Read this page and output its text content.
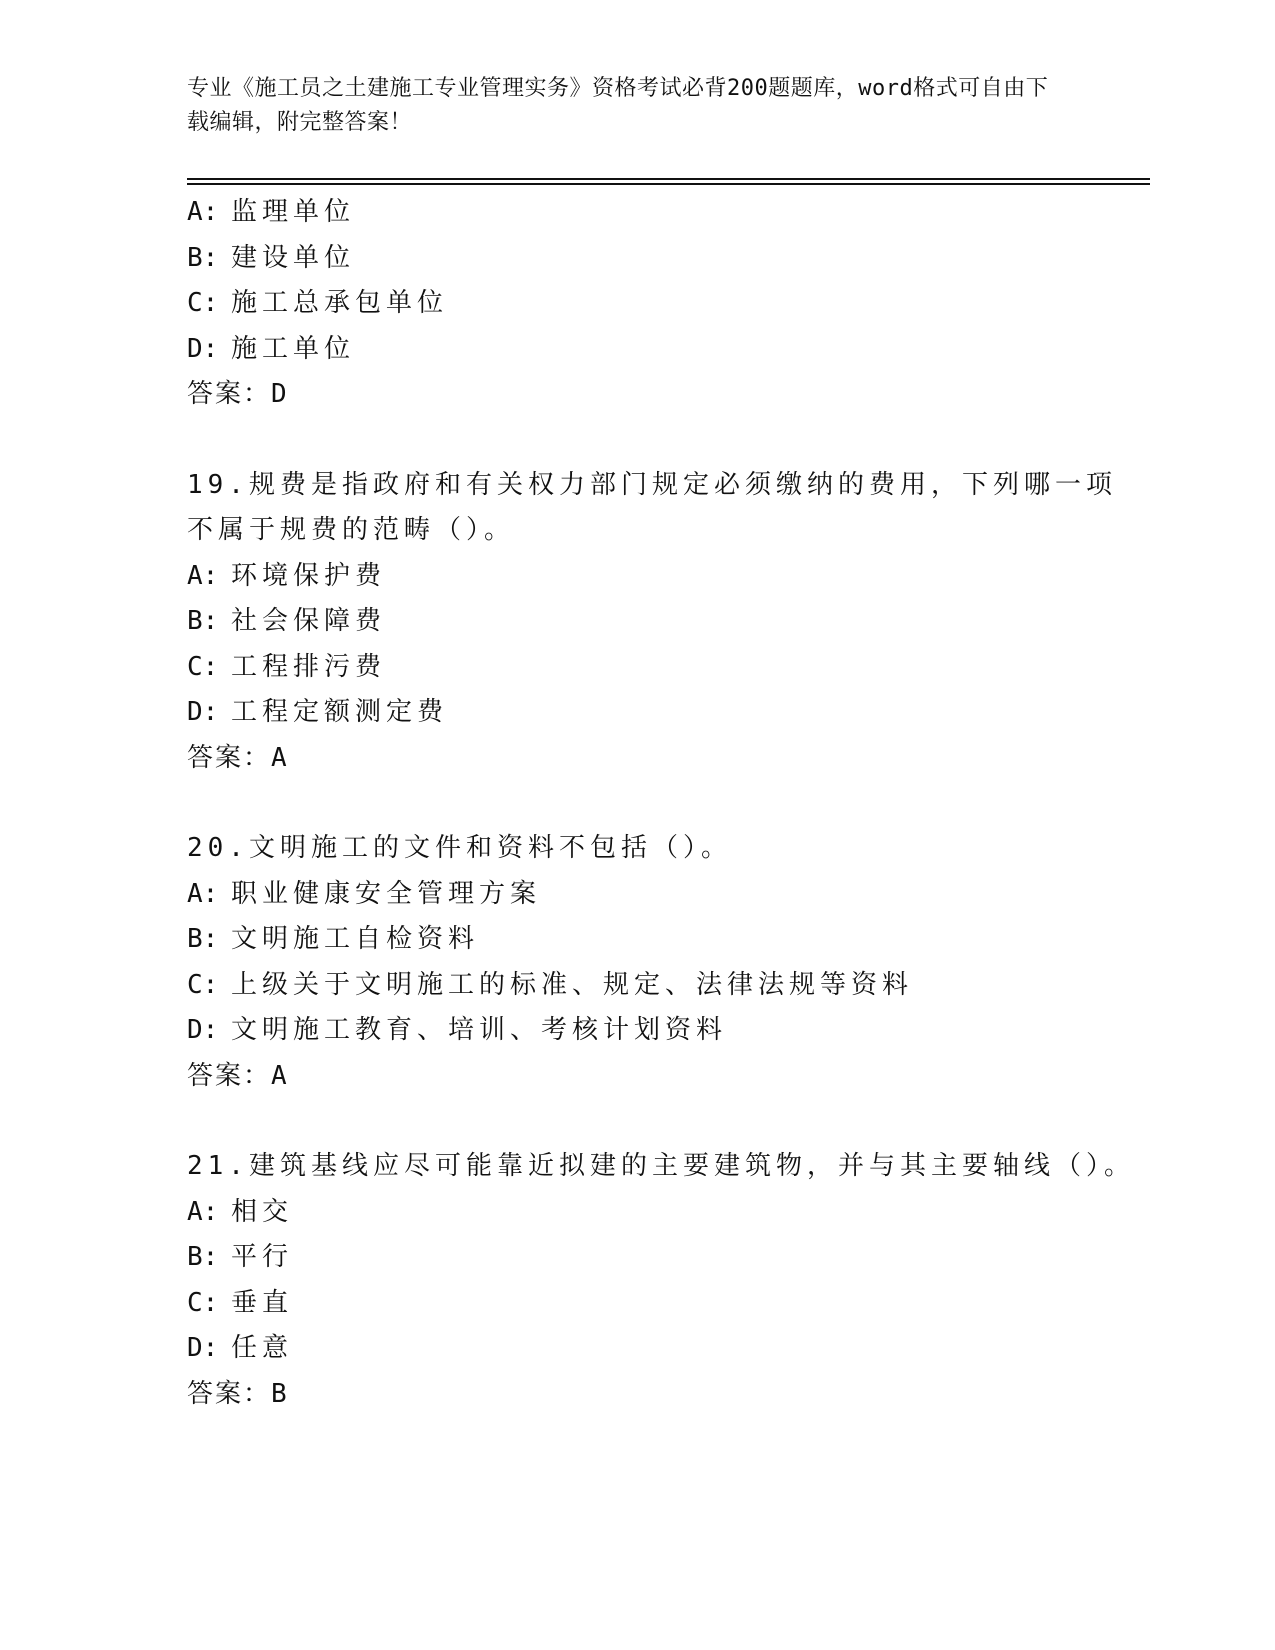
专业《施工员之土建施工专业管理实务》资格考试必背200题题库，word格式可自由下载编辑，附完整答案！
A: 监理单位
B: 建设单位
C: 施工总承包单位
D: 施工单位
答案：D
19.规费是指政府和有关权力部门规定必须缴纳的费用，下列哪一项不属于规费的范畴（）。
A: 环境保护费
B: 社会保障费
C: 工程排污费
D: 工程定额测定费
答案：A
20.文明施工的文件和资料不包括（）。
A: 职业健康安全管理方案
B: 文明施工自检资料
C: 上级关于文明施工的标准、规定、法律法规等资料
D: 文明施工教育、培训、考核计划资料
答案：A
21.建筑基线应尽可能靠近拟建的主要建筑物，并与其主要轴线（）。
A: 相交
B: 平行
C: 垂直
D: 任意
答案：B
